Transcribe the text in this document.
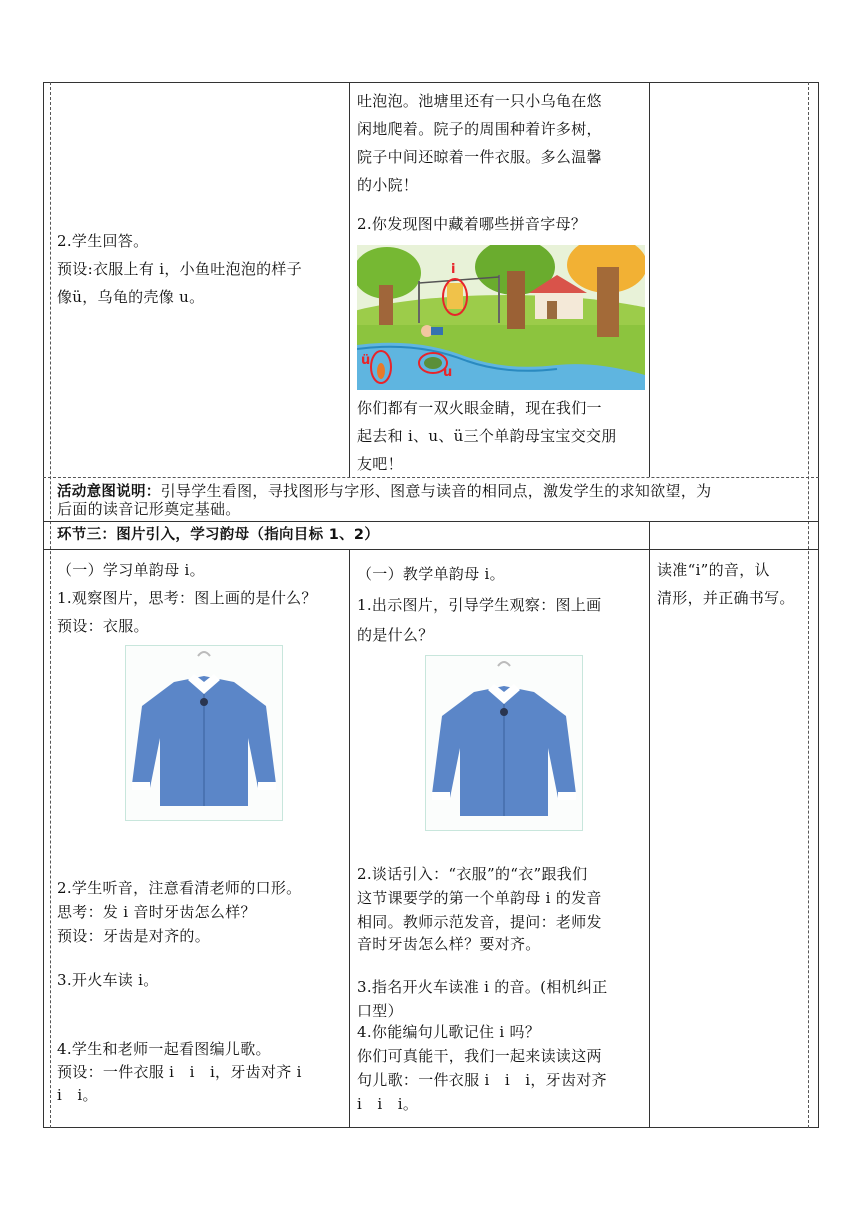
2.学生回答。
预设:衣服上有 i，小鱼吐泡泡的样子
像ü，乌龟的壳像 u。
吐泡泡。池塘里还有一只小乌龟在悠
闲地爬着。院子的周围种着许多树，
院子中间还晾着一件衣服。多么温馨
的小院！
2.你发现图中藏着哪些拼音字母？
i
ü
u
你们都有一双火眼金睛，现在我们一
起去和 i、u、ü三个单韵母宝宝交交朋
友吧！
活动意图说明：引导学生看图，寻找图形与字形、图意与读音的相同点，激发学生的求知欲望，为
后面的读音记形奠定基础。
环节三：图片引入，学习韵母（指向目标 1、2）
（一）学习单韵母 i。
1.观察图片，思考：图上画的是什么？
预设：衣服。
2.学生听音，注意看清老师的口形。
思考：发 i 音时牙齿怎么样？
预设：牙齿是对齐的。
3.开火车读 i。
4.学生和老师一起看图编儿歌。
预设：一件衣服 i　i　i，牙齿对齐 i
i　i。
（一）教学单韵母 i。
1.出示图片，引导学生观察：图上画
的是什么？
2.谈话引入：“衣服”的“衣”跟我们
这节课要学的第一个单韵母 i 的发音
相同。教师示范发音，提问：老师发
音时牙齿怎么样？要对齐。
3.指名开火车读准 i 的音。(相机纠正
口型）
4.你能编句儿歌记住 i 吗？
你们可真能干，我们一起来读读这两
句儿歌：一件衣服 i　i　i，牙齿对齐
i　i　i。
读准“i”的音，认
清形，并正确书写。
